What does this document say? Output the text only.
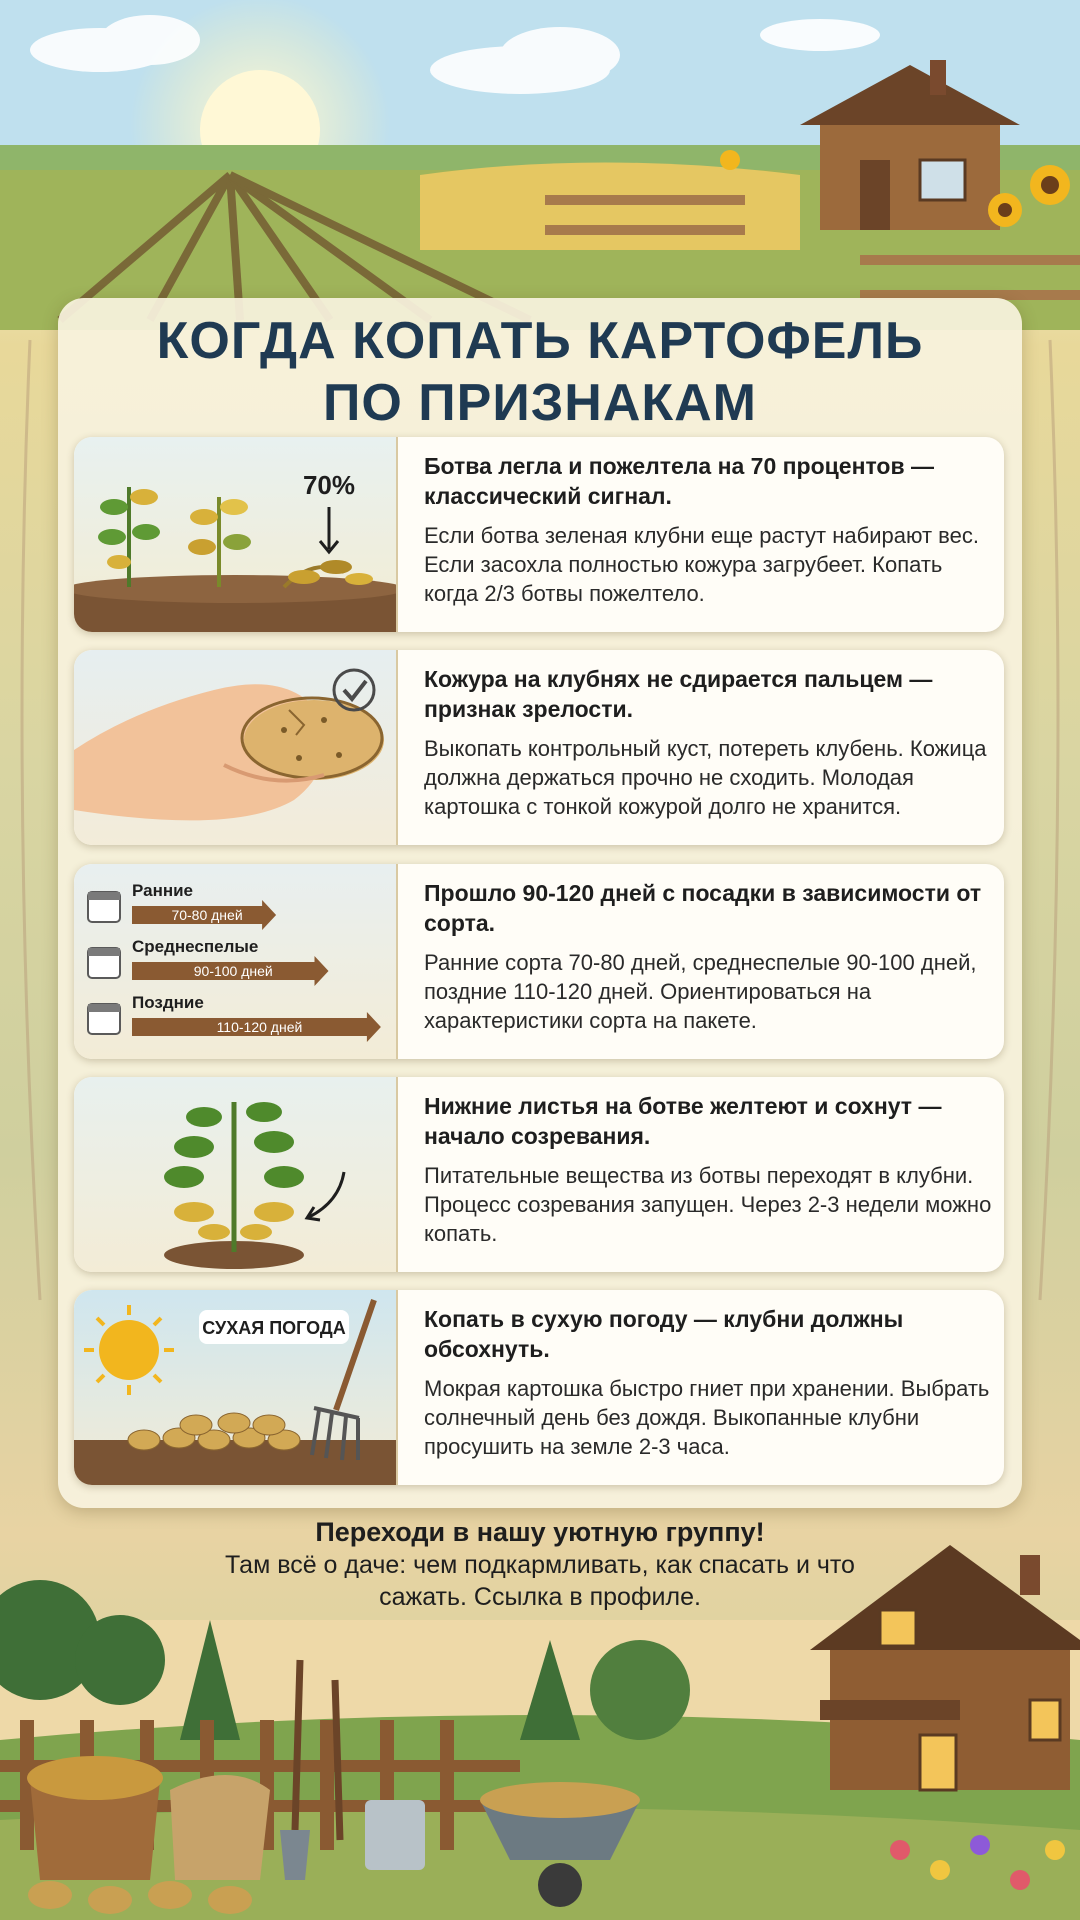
КОГДА КОПАТЬ КАРТОФЕЛЬ
ПО ПРИЗНАКАМ
70%
Ботва легла и пожелтела на 70 процентов — классический сигнал.
Если ботва зеленая клубни еще растут набирают вес. Если засохла полностью кожура загрубеет. Копать когда 2/3 ботвы пожелтело.
Кожура на клубнях не сдирается пальцем — признак зрелости.
Выкопать контрольный куст, потереть клубень. Кожица должна держаться прочно не сходить. Молодая картошка с тонкой кожурой долго не хранится.
Ранние
70-80 дней
Среднеспелые
90-100 дней
Поздние
110-120 дней
Прошло 90-120 дней с посадки в зависимости от сорта.
Ранние сорта 70-80 дней, среднеспелые 90-100 дней, поздние 110-120 дней. Ориентироваться на характеристики сорта на пакете.
Нижние листья на ботве желтеют и сохнут — начало созревания.
Питательные вещества из ботвы переходят в клубни. Процесс созревания запущен. Через 2-3 недели можно копать.
СУХАЯ ПОГОДА	Копать в сухую погоду — клубни должны обсохнуть.
Мокрая картошка быстро гниет при хранении. Выбрать солнечный день без дождя. Выкопанные клубни просушить на земле 2-3 часа.
Переходи в нашу уютную группу!
Там всё о даче: чем подкармливать, как спасать и что сажать. Ссылка в профиле.
